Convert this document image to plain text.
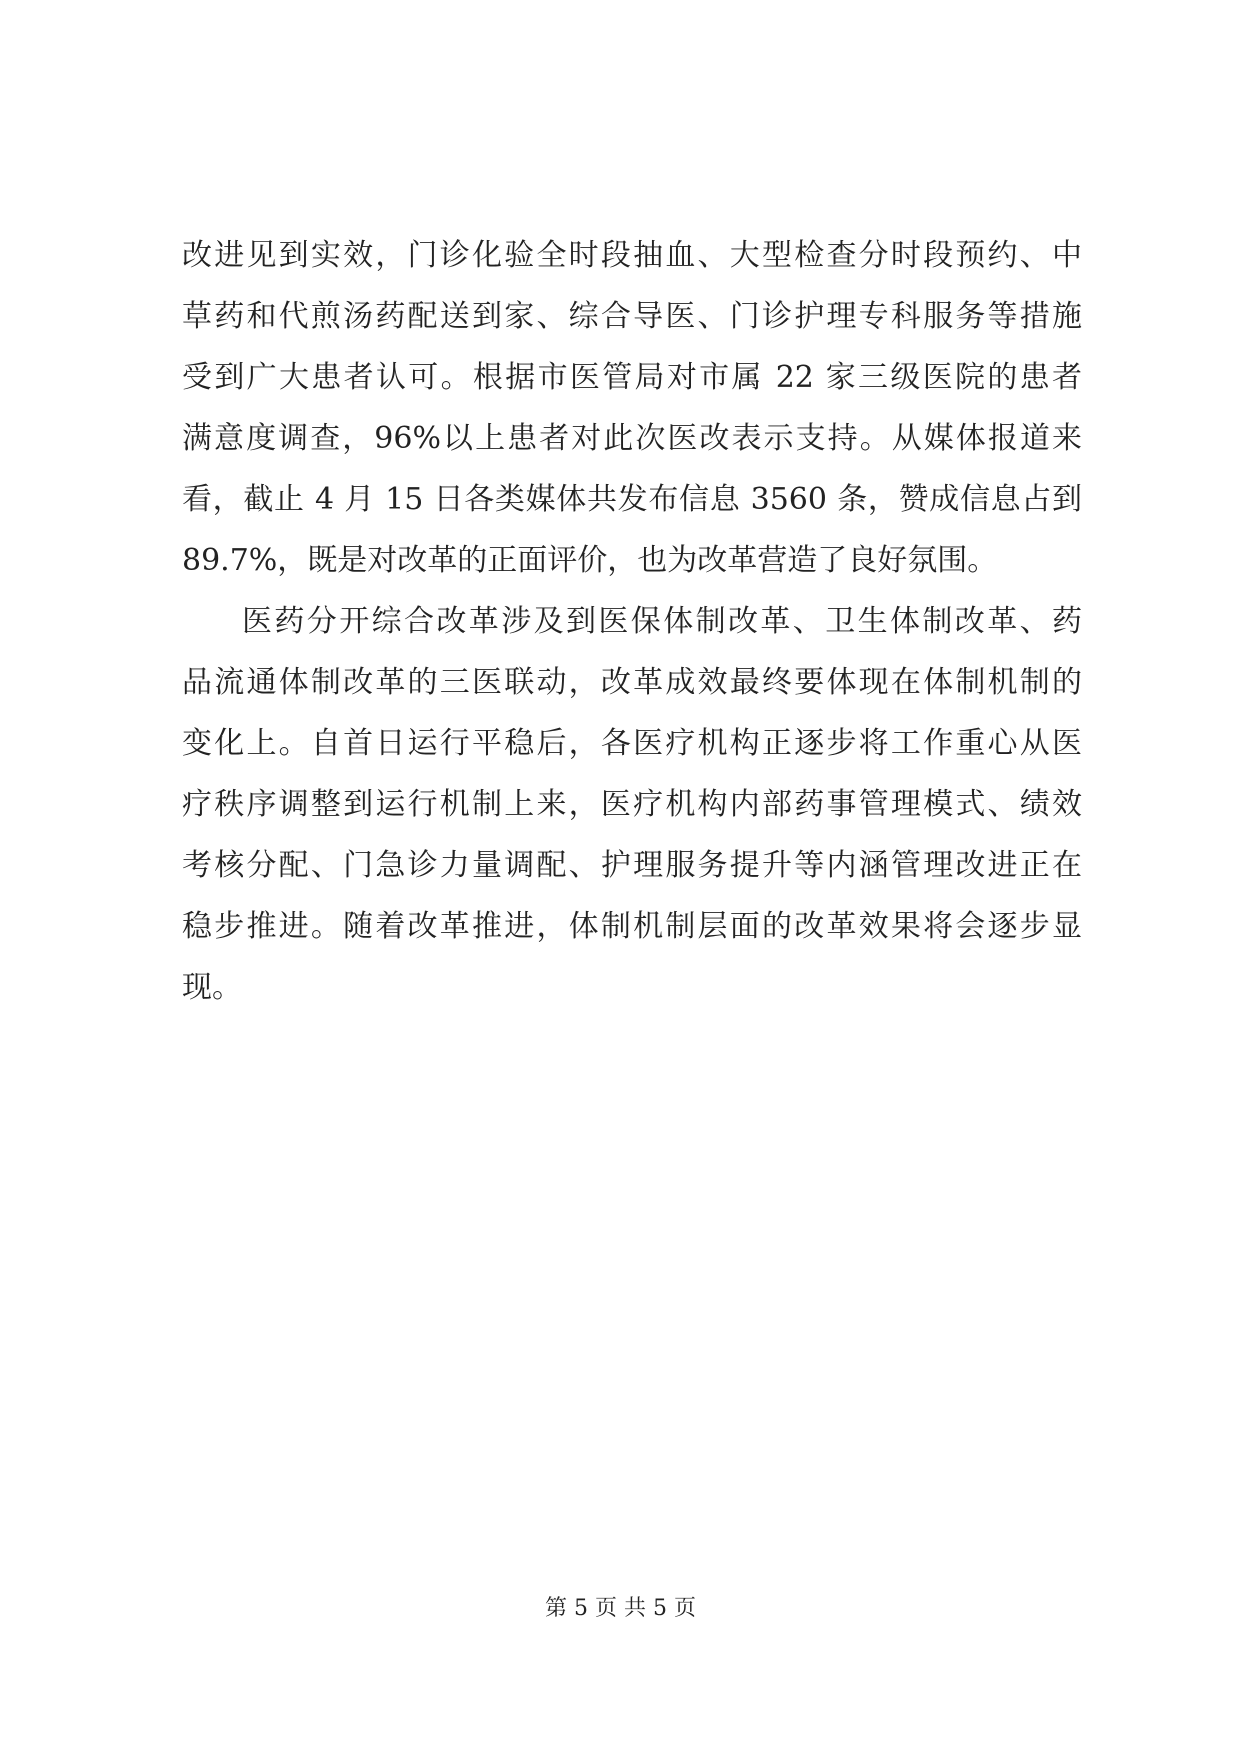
改进见到实效，门诊化验全时段抽血、大型检查分时段预约、中
草药和代煎汤药配送到家、综合导医、门诊护理专科服务等措施
受到广大患者认可。根据市医管局对市属 22 家三级医院的患者
满意度调查，96%以上患者对此次医改表示支持。从媒体报道来
看，截止 4 月 15 日各类媒体共发布信息 3560 条，赞成信息占到
89.7%，既是对改革的正面评价，也为改革营造了良好氛围。
医药分开综合改革涉及到医保体制改革、卫生体制改革、药
品流通体制改革的三医联动，改革成效最终要体现在体制机制的
变化上。自首日运行平稳后，各医疗机构正逐步将工作重心从医
疗秩序调整到运行机制上来，医疗机构内部药事管理模式、绩效
考核分配、门急诊力量调配、护理服务提升等内涵管理改进正在
稳步推进。随着改革推进，体制机制层面的改革效果将会逐步显
现。
第 5 页 共 5 页
